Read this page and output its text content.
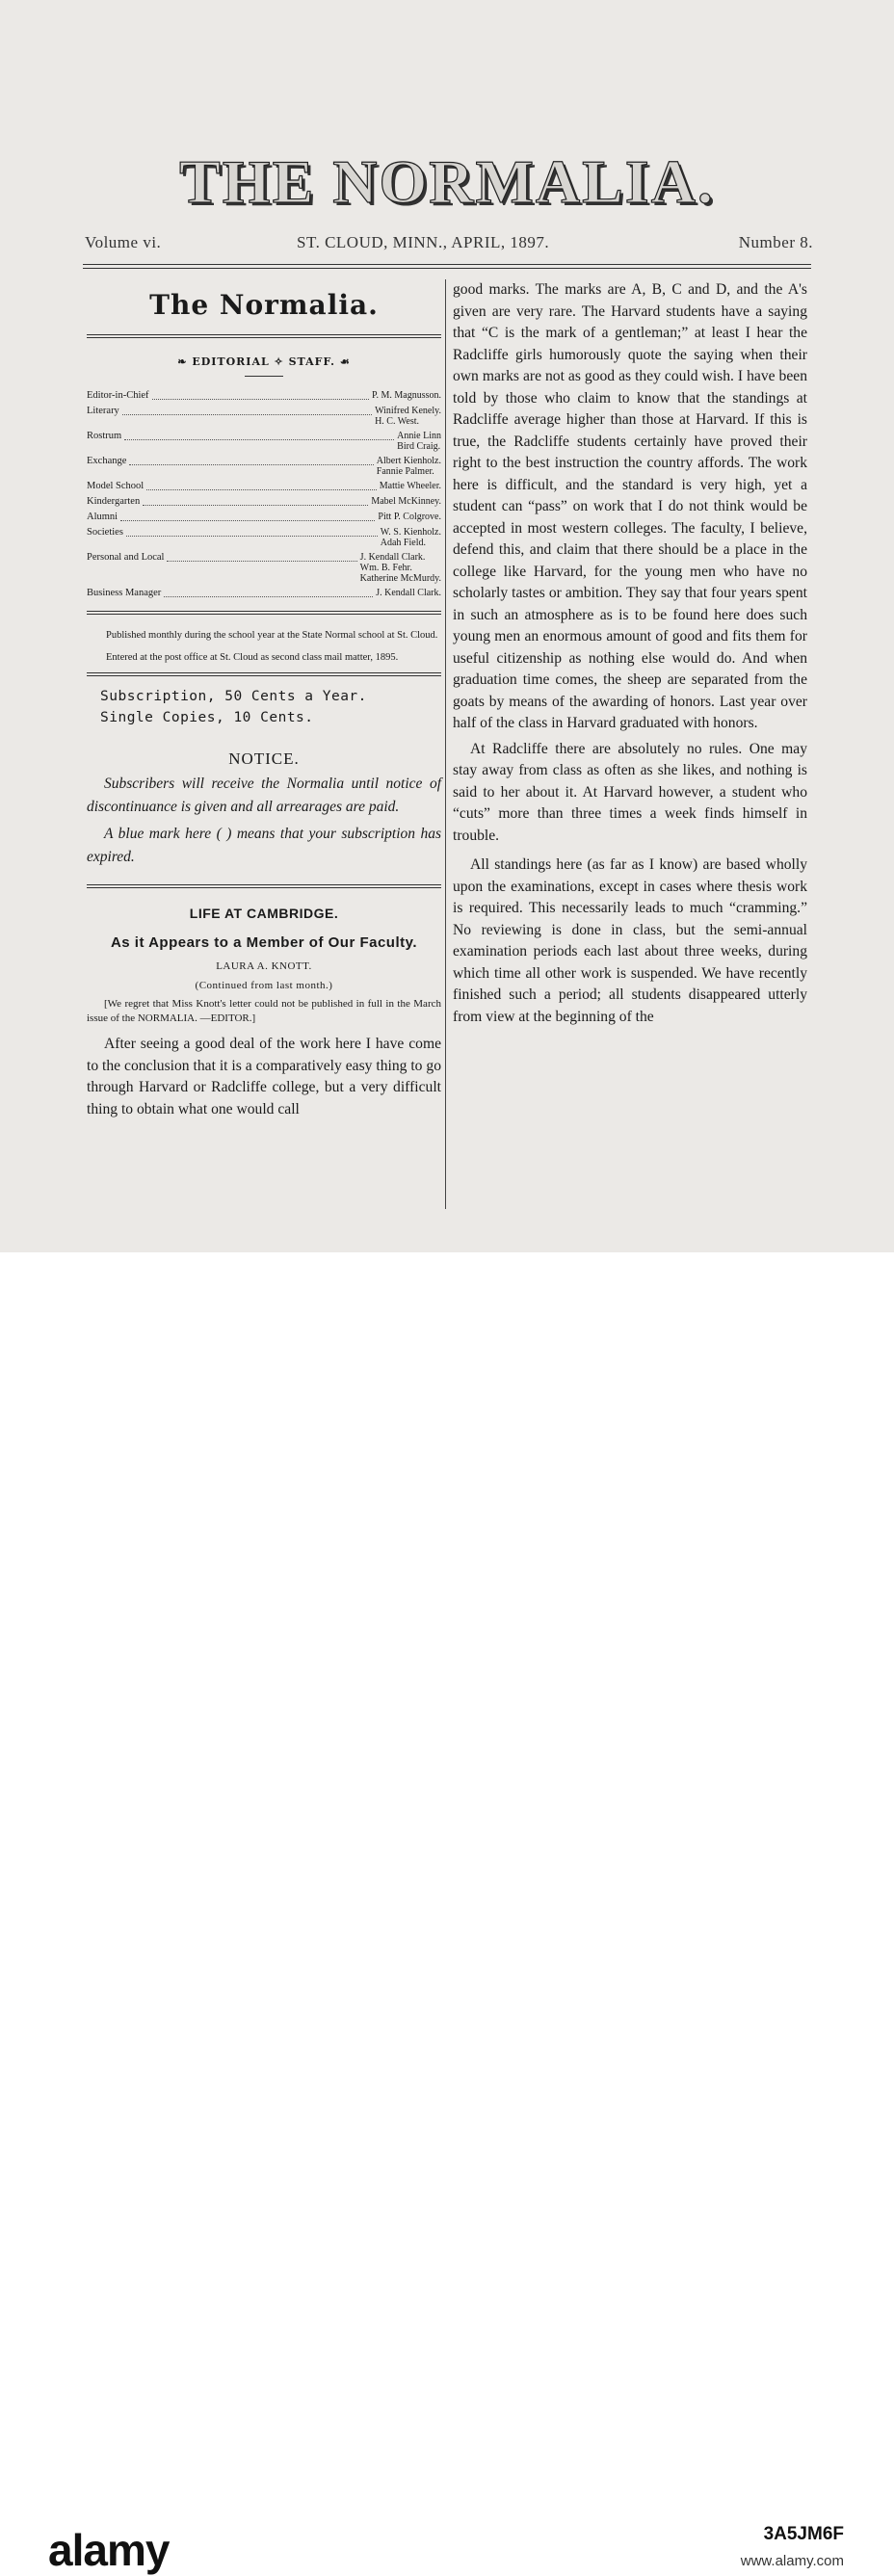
THE NORMALIA.
Volume vi.	ST. CLOUD, MINN., APRIL, 1897.	Number 8.
The Normalia.
❧ EDITORIAL ✧ STAFF. ☙
Editor-in-Chief	P. M. Magnusson.
Literary	Winifred Kenely.
H. C. West.
Rostrum	Annie Linn
Bird Craig.
Exchange	Albert Kienholz.
Fannie Palmer.
Model School	Mattie Wheeler.
Kindergarten	Mabel McKinney.
Alumni	Pitt P. Colgrove.
Societies	W. S. Kienholz.
Adah Field.
Personal and Local	J. Kendall Clark.
Wm. B. Fehr.
Katherine McMurdy.
Business Manager	J. Kendall Clark.

Published monthly during the school year at the State Normal school at St. Cloud.

Entered at the post office at St. Cloud as second class mail matter, 1895.

Subscription, 50 Cents a Year.
Single Copies, 10 Cents.
NOTICE.

Subscribers will receive the Normalia until notice of discontinuance is given and all arrearages are paid.

A blue mark here ( ) means that your subscription has expired.

LIFE AT CAMBRIDGE.
As it Appears to a Member of Our Faculty.
LAURA A. KNOTT.
(Continued from last month.)

[We regret that Miss Knott's letter could not be published in full in the March issue of the NORMALIA. —EDITOR.]

After seeing a good deal of the work here I have come to the conclusion that it is a comparatively easy thing to go through Harvard or Radcliffe college, but a very difficult thing to obtain what one would call

good marks. The marks are A, B, C and D, and the A's given are very rare. The Harvard students have a saying that “C is the mark of a gentleman;” at least I hear the Radcliffe girls humorously quote the saying when their own marks are not as good as they could wish. I have been told by those who claim to know that the standings at Radcliffe average higher than those at Harvard. If this is true, the Radcliffe students certainly have proved their right to the best instruction the country affords. The work here is difficult, and the standard is very high, yet a student can “pass” on work that I do not think would be accepted in most western colleges. The faculty, I believe, defend this, and claim that there should be a place in the college like Harvard, for the young men who have no scholarly tastes or ambition. They say that four years spent in such an atmosphere as is to be found here does such young men an enormous amount of good and fits them for useful citizenship as nothing else would do. And when graduation time comes, the sheep are separated from the goats by means of the awarding of honors. Last year over half of the class in Harvard graduated with honors.

At Radcliffe there are absolutely no rules. One may stay away from class as often as she likes, and nothing is said to her about it. At Harvard however, a student who “cuts” more than three times a week finds himself in trouble.

All standings here (as far as I know) are based wholly upon the examinations, except in cases where thesis work is required. This necessarily leads to much “cramming.” No reviewing is done in class, but the semi-annual examination periods each last about three weeks, during which time all other work is suspended. We have recently finished such a period; all students disappeared utterly from view at the beginning of the

alamy	3A5JM6F
www.alamy.com
